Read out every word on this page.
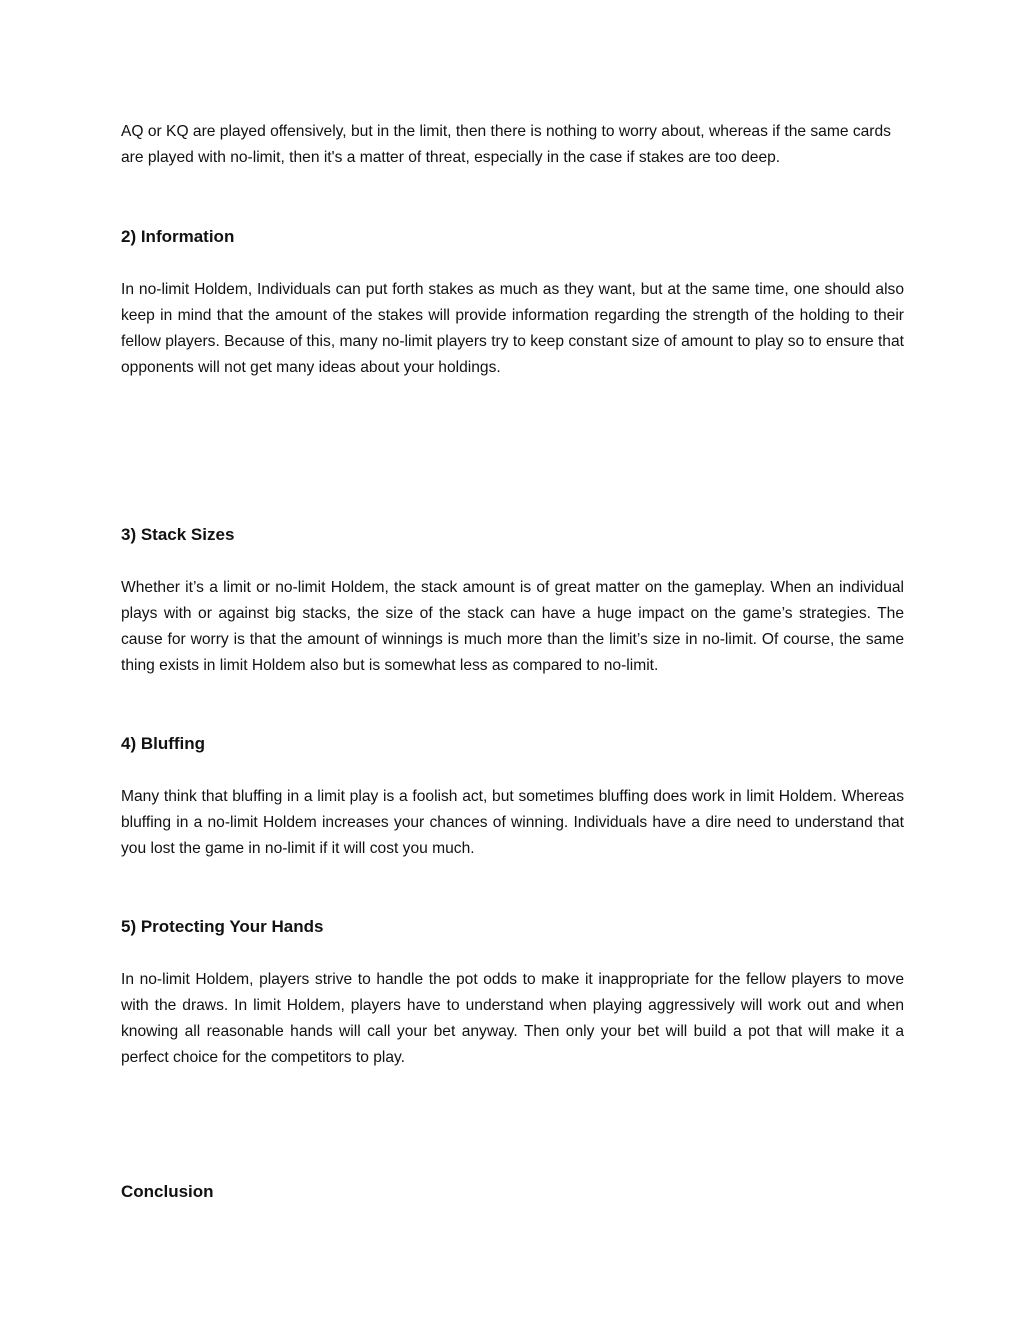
AQ or KQ are played offensively, but in the limit, then there is nothing to worry about, whereas if the same cards are played with no-limit, then it's a matter of threat, especially in the case if stakes are too deep.

2) Information

In no-limit Holdem, Individuals can put forth stakes as much as they want, but at the same time, one should also keep in mind that the amount of the stakes will provide information regarding the strength of the holding to their fellow players. Because of this, many no-limit players try to keep constant size of amount to play so to ensure that opponents will not get many ideas about your holdings.

3) Stack Sizes

Whether it’s a limit or no-limit Holdem, the stack amount is of great matter on the gameplay. When an individual plays with or against big stacks, the size of the stack can have a huge impact on the game’s strategies. The cause for worry is that the amount of winnings is much more than the limit’s size in no-limit. Of course, the same thing exists in limit Holdem also but is somewhat less as compared to no-limit.

4) Bluffing

Many think that bluffing in a limit play is a foolish act, but sometimes bluffing does work in limit Holdem. Whereas bluffing in a no-limit Holdem increases your chances of winning. Individuals have a dire need to understand that you lost the game in no-limit if it will cost you much.

5) Protecting Your Hands

In no-limit Holdem, players strive to handle the pot odds to make it inappropriate for the fellow players to move with the draws. In limit Holdem, players have to understand when playing aggressively will work out and when knowing all reasonable hands will call your bet anyway. Then only your bet will build a pot that will make it a perfect choice for the competitors to play.

Conclusion
